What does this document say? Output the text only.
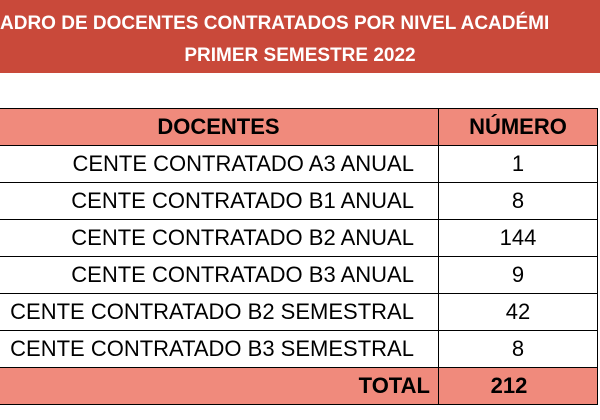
ADRO DE DOCENTES CONTRATADOS POR NIVEL ACADÉMI
PRIMER SEMESTRE 2022
DOCENTES	NÚMERO

CENTE CONTRATADO A3 ANUAL	1

CENTE CONTRATADO B1 ANUAL	8

CENTE CONTRATADO B2 ANUAL	144

CENTE CONTRATADO B3 ANUAL	9

CENTE CONTRATADO B2 SEMESTRAL	42

CENTE CONTRATADO B3 SEMESTRAL	8
TOTAL	212
